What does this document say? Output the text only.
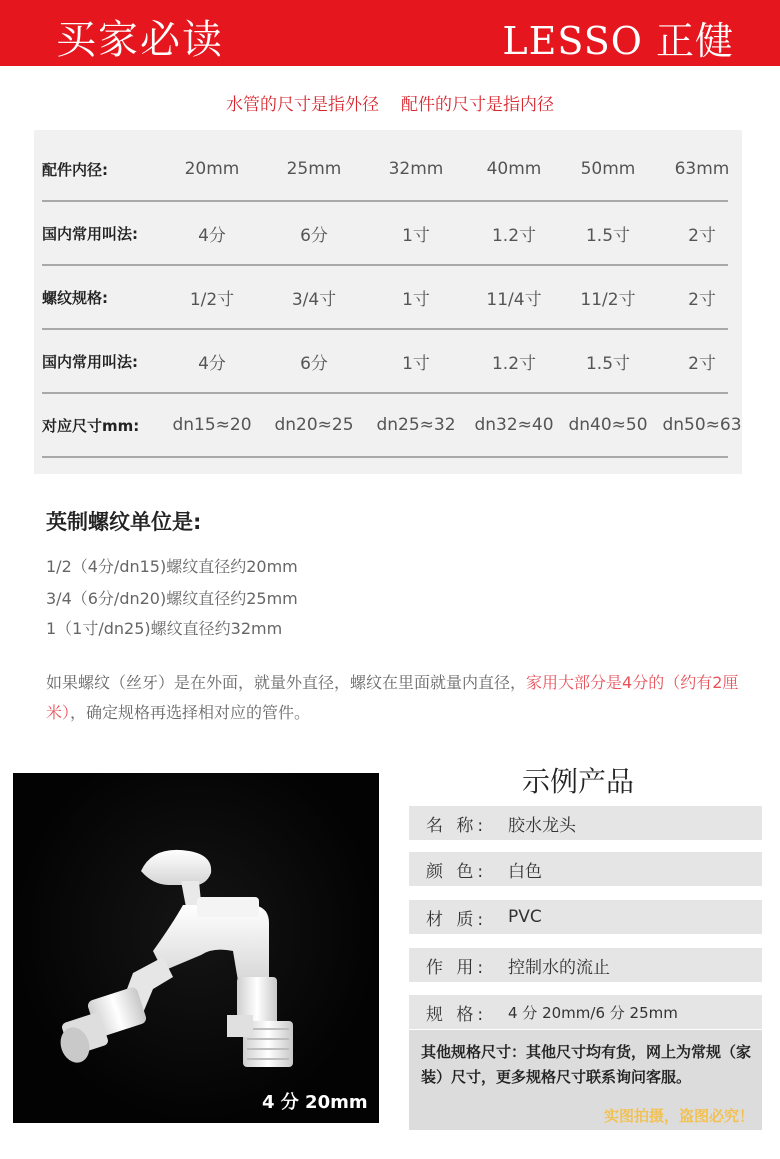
买家必读	LESSO 正健
水管的尺寸是指外径 配件的尺寸是指内径
配件内径:	20mm	25mm	32mm	40mm	50mm	63mm
国内常用叫法:	4分	6分	1寸	1.2寸	1.5寸	2寸
螺纹规格:	1/2寸	3/4寸	1寸	11/4寸	11/2寸	2寸
国内常用叫法:	4分	6分	1寸	1.2寸	1.5寸	2寸
对应尺寸mm:	dn15≈20	dn20≈25	dn25≈32	dn32≈40 dn40≈50 dn50≈63
英制螺纹单位是:
1/2（4分/dn15)螺纹直径约20mm
3/4（6分/dn20)螺纹直径约25mm
1（1寸/dn25)螺纹直径约32mm
如果螺纹（丝牙）是在外面，就量外直径，螺纹在里面就量内直径，家用大部分是4分的（约有2厘米），确定规格再选择相对应的管件。
4 分 20mm
示例产品
名 称:	胶水龙头
颜 色:	白色
材 质:	PVC
作 用:	控制水的流止
规 格:	4 分 20mm/6 分 25mm
其他规格尺寸：其他尺寸均有货，网上为常规（家装）尺寸，更多规格尺寸联系询问客服。
实图拍摄，盗图必究！
